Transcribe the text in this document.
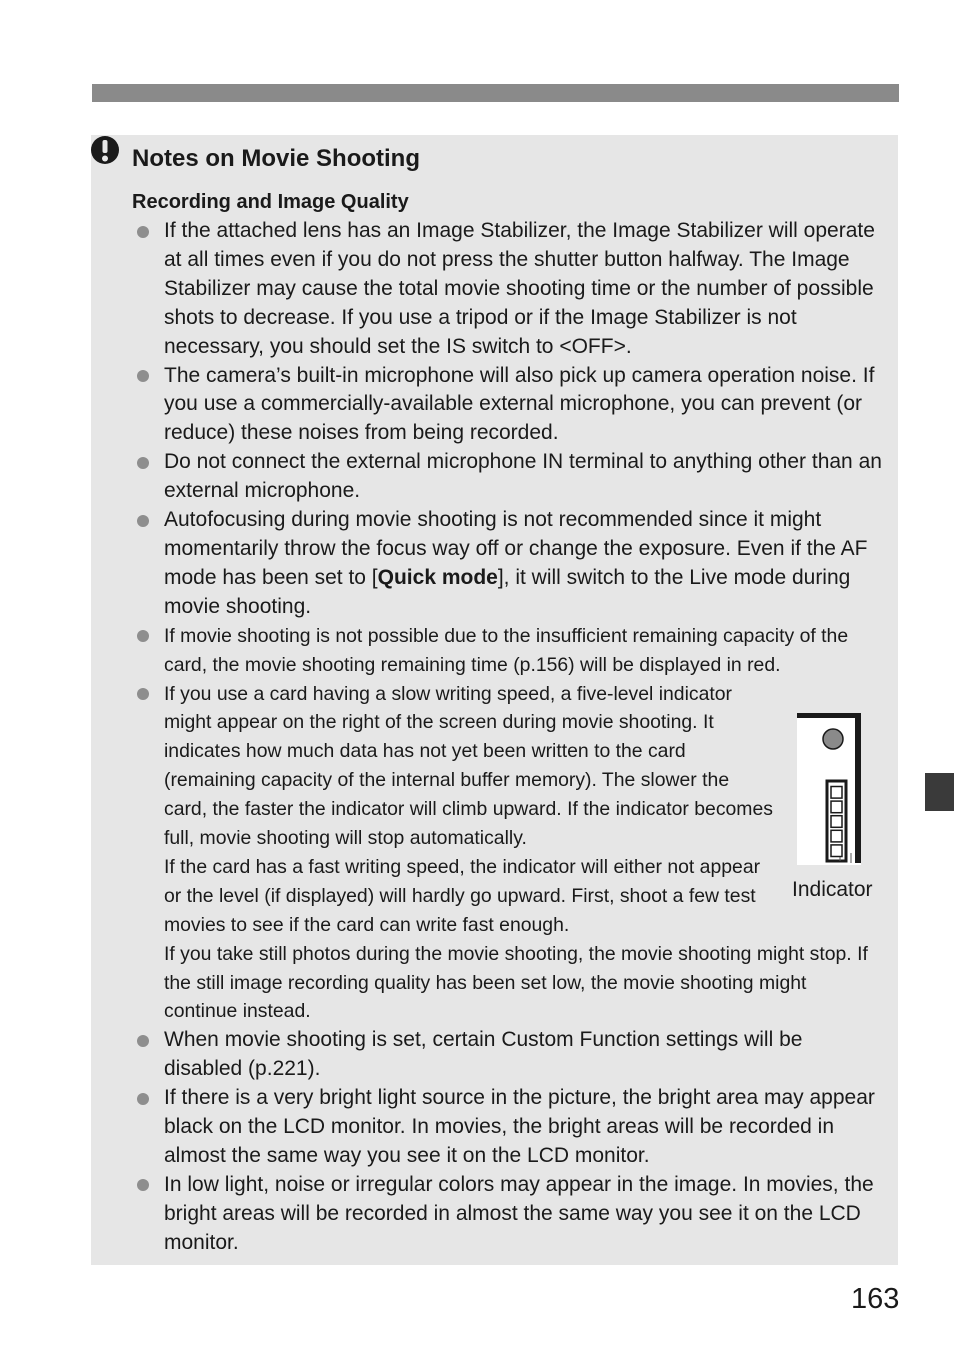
Notes on Movie Shooting
Recording and Image Quality
If the attached lens has an Image Stabilizer, the Image Stabilizer will operate at all times even if you do not press the shutter button halfway. The Image Stabilizer may cause the total movie shooting time or the number of possible shots to decrease. If you use a tripod or if the Image Stabilizer is not necessary, you should set the IS switch to <OFF>.
The camera’s built-in microphone will also pick up camera operation noise. If you use a commercially-available external microphone, you can prevent (or reduce) these noises from being recorded.
Do not connect the external microphone IN terminal to anything other than an external microphone.
Autofocusing during movie shooting is not recommended since it might momentarily throw the focus way off or change the exposure. Even if the AF mode has been set to [Quick mode], it will switch to the Live mode during movie shooting.
If movie shooting is not possible due to the insufficient remaining capacity of the card, the movie shooting remaining time (p.156) will be displayed in red.

If you use a card having a slow writing speed, a five-level indicator might appear on the right of the screen during movie shooting. It indicates how much data has not yet been written to the card (remaining capacity of the internal buffer memory). The slower the card, the faster the indicator will climb upward. If the indicator becomes full, movie shooting will stop automatically.

If the card has a fast writing speed, the indicator will either not appear or the level (if displayed) will hardly go upward. First, shoot a few test movies to see if the card can write fast enough.

If you take still photos during the movie shooting, the movie shooting might stop. If the still image recording quality has been set low, the movie shooting might continue instead.

When movie shooting is set, certain Custom Function settings will be disabled (p.221).
If there is a very bright light source in the picture, the bright area may appear black on the LCD monitor. In movies, the bright areas will be recorded in almost the same way you see it on the LCD monitor.
In low light, noise or irregular colors may appear in the image. In movies, the bright areas will be recorded in almost the same way you see it on the LCD monitor.
Indicator
163
